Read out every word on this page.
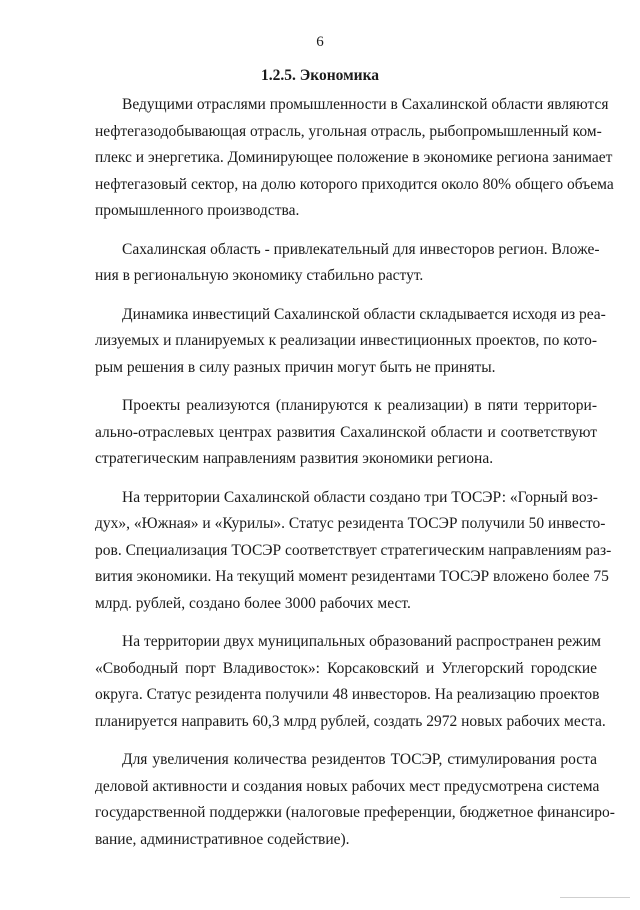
6
1.2.5. Экономика

Ведущими отраслями промышленности в Сахалинской области являются
нефтегазодобывающая отрасль, угольная отрасль, рыбопромышленный ком-
плекс и энергетика. Доминирующее положение в экономике региона занимает
нефтегазовый сектор, на долю которого приходится около 80% общего объема
промышленного производства.

Сахалинская область - привлекательный для инвесторов регион. Вложе-
ния в региональную экономику стабильно растут.

Динамика инвестиций Сахалинской области складывается исходя из реа-
лизуемых и планируемых к реализации инвестиционных проектов, по кото-
рым решения в силу разных причин могут быть не приняты.

Проекты реализуются (планируются к реализации) в пяти территори-
ально-отраслевых центрах развития Сахалинской области и соответствуют
стратегическим направлениям развития экономики региона.

На территории Сахалинской области создано три ТОСЭР: «Горный воз-
дух», «Южная» и «Курилы». Статус резидента ТОСЭР получили 50 инвесто-
ров. Специализация ТОСЭР соответствует стратегическим направлениям раз-
вития экономики. На текущий момент резидентами ТОСЭР вложено более 75
млрд. рублей, создано более 3000 рабочих мест.

На территории двух муниципальных образований распространен режим
«Свободный порт Владивосток»: Корсаковский и Углегорский городские
округа. Статус резидента получили 48 инвесторов. На реализацию проектов
планируется направить 60,3 млрд рублей, создать 2972 новых рабочих места.

Для увеличения количества резидентов ТОСЭР, стимулирования роста
деловой активности и создания новых рабочих мест предусмотрена система
государственной поддержки (налоговые преференции, бюджетное финансиро-
вание, административное содействие).
